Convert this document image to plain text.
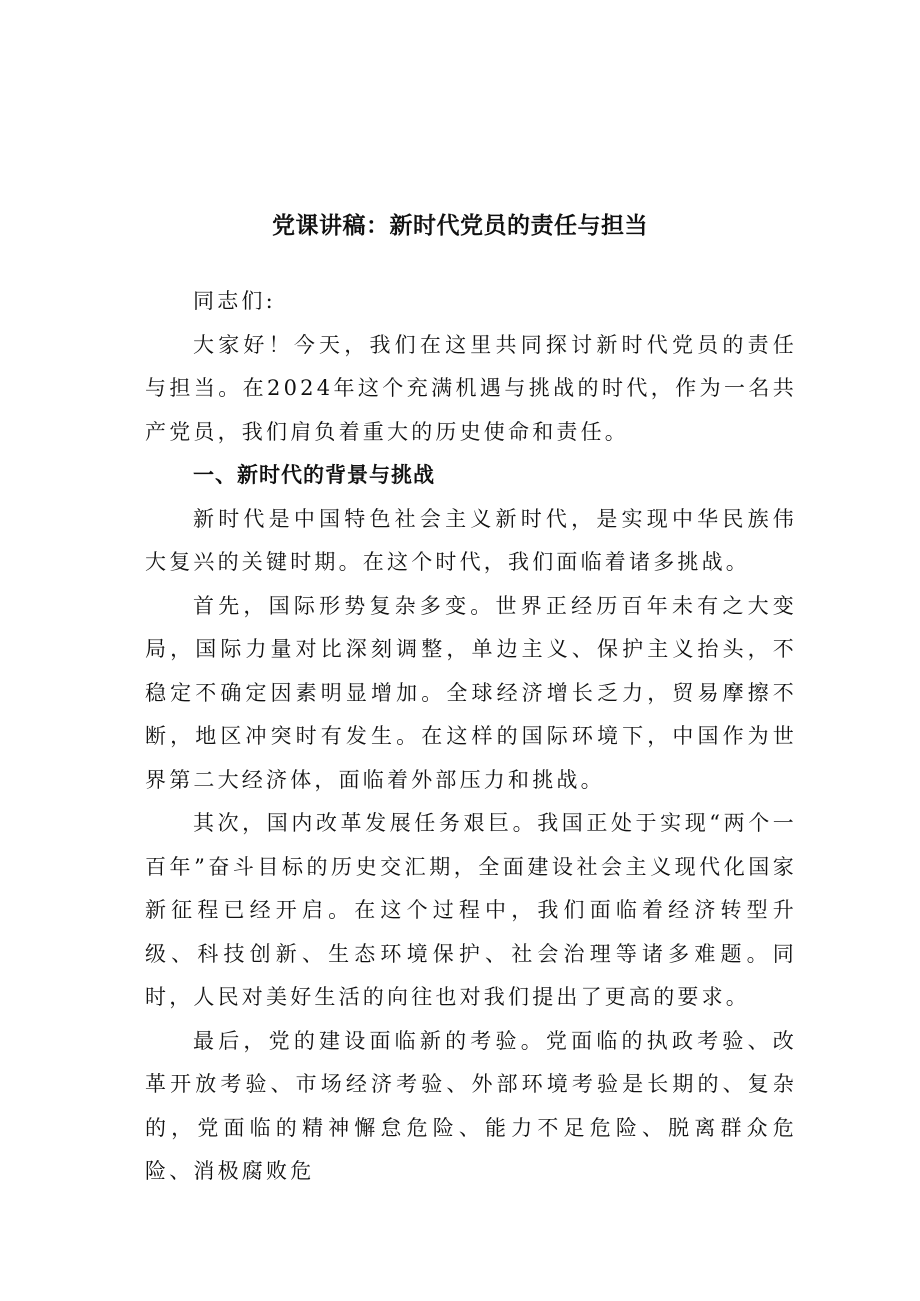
党课讲稿：新时代党员的责任与担当

同志们:

大家好！今天，我们在这里共同探讨新时代党员的责任与担当。在2024年这个充满机遇与挑战的时代，作为一名共产党员，我们肩负着重大的历史使命和责任。

一、新时代的背景与挑战

新时代是中国特色社会主义新时代，是实现中华民族伟大复兴的关键时期。在这个时代，我们面临着诸多挑战。

首先，国际形势复杂多变。世界正经历百年未有之大变局，国际力量对比深刻调整，单边主义、保护主义抬头，不稳定不确定因素明显增加。全球经济增长乏力，贸易摩擦不断，地区冲突时有发生。在这样的国际环境下，中国作为世界第二大经济体，面临着外部压力和挑战。

其次，国内改革发展任务艰巨。我国正处于实现“两个一百年”奋斗目标的历史交汇期，全面建设社会主义现代化国家新征程已经开启。在这个过程中，我们面临着经济转型升级、科技创新、生态环境保护、社会治理等诸多难题。同时，人民对美好生活的向往也对我们提出了更高的要求。

最后，党的建设面临新的考验。党面临的执政考验、改革开放考验、市场经济考验、外部环境考验是长期的、复杂的，党面临的精神懈怠危险、能力不足危险、脱离群众危险、消极腐败危
